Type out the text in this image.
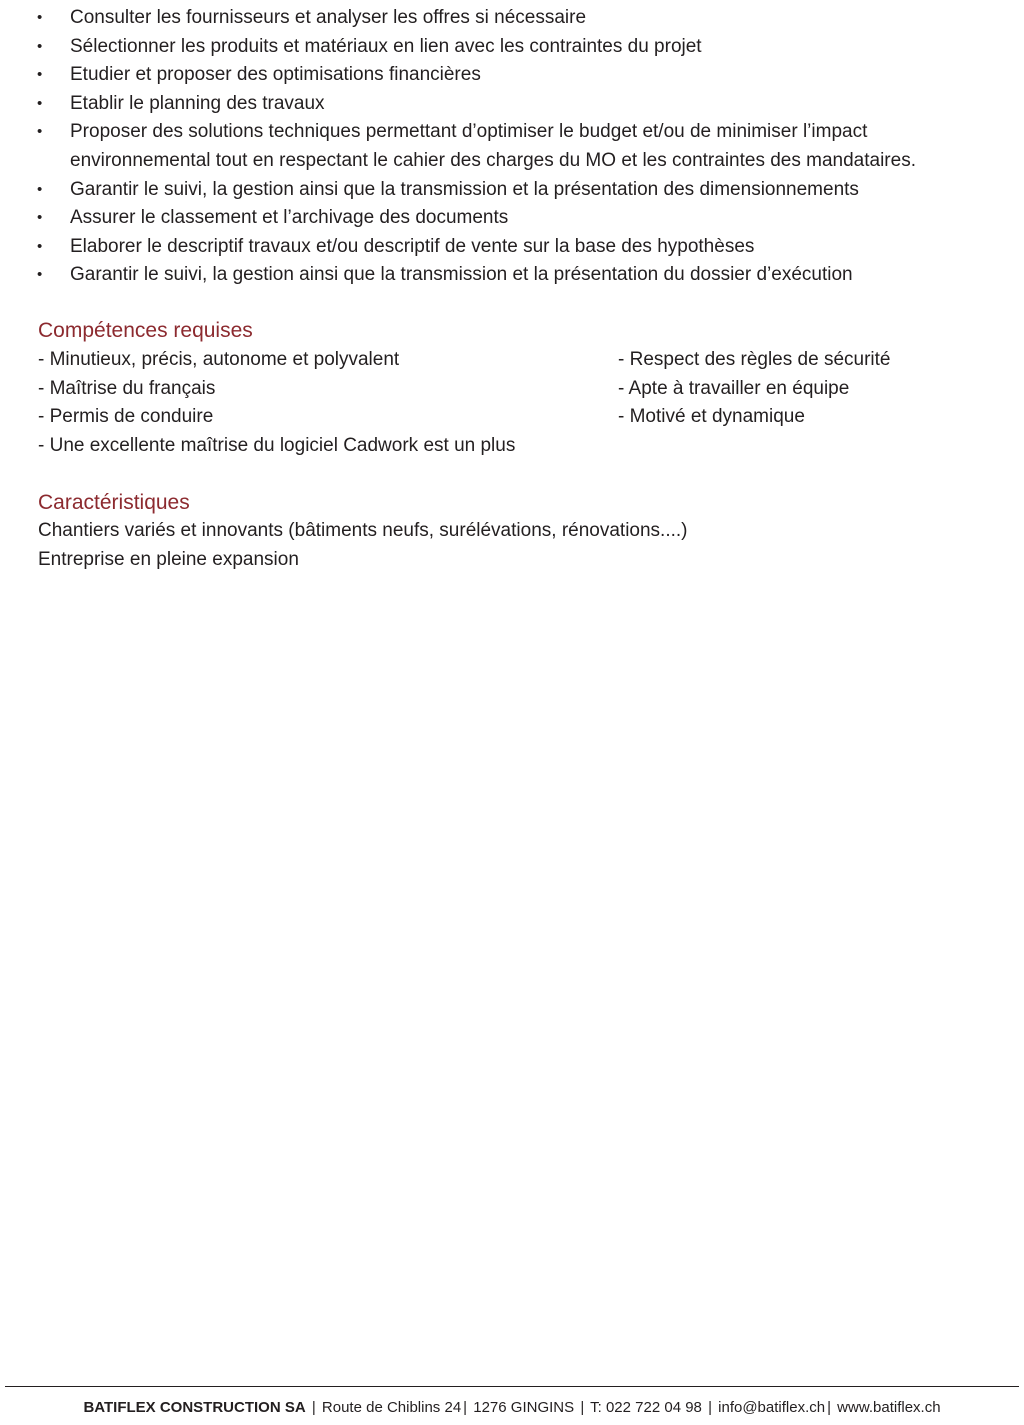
• Consulter les fournisseurs et analyser les offres si nécessaire
• Sélectionner les produits et matériaux en lien avec les contraintes du projet
• Etudier et proposer des optimisations financières
• Etablir le planning des travaux
• Proposer des solutions techniques permettant d’optimiser le budget et/ou de minimiser l’impact environnemental tout en respectant le cahier des charges du MO et les contraintes des mandataires.
• Garantir le suivi, la gestion ainsi que la transmission et la présentation des dimensionnements
• Assurer le classement et l’archivage des documents
• Elaborer le descriptif travaux et/ou descriptif de vente sur la base des hypothèses
• Garantir le suivi, la gestion ainsi que la transmission et la présentation du dossier d’exécution
Compétences requises
- Minutieux, précis, autonome et polyvalent
- Maîtrise du français
- Permis de conduire
- Une excellente maîtrise du logiciel Cadwork est un plus
- Respect des règles de sécurité
- Apte à travailler en équipe
- Motivé et dynamique
Caractéristiques
Chantiers variés et innovants (bâtiments neufs, surélévations, rénovations....)
Entreprise en pleine expansion
BATIFLEX CONSTRUCTION SA | Route de Chiblins 24 | 1276 GINGINS | T: 022 722 04 98 | info@batiflex.ch | www.batiflex.ch
